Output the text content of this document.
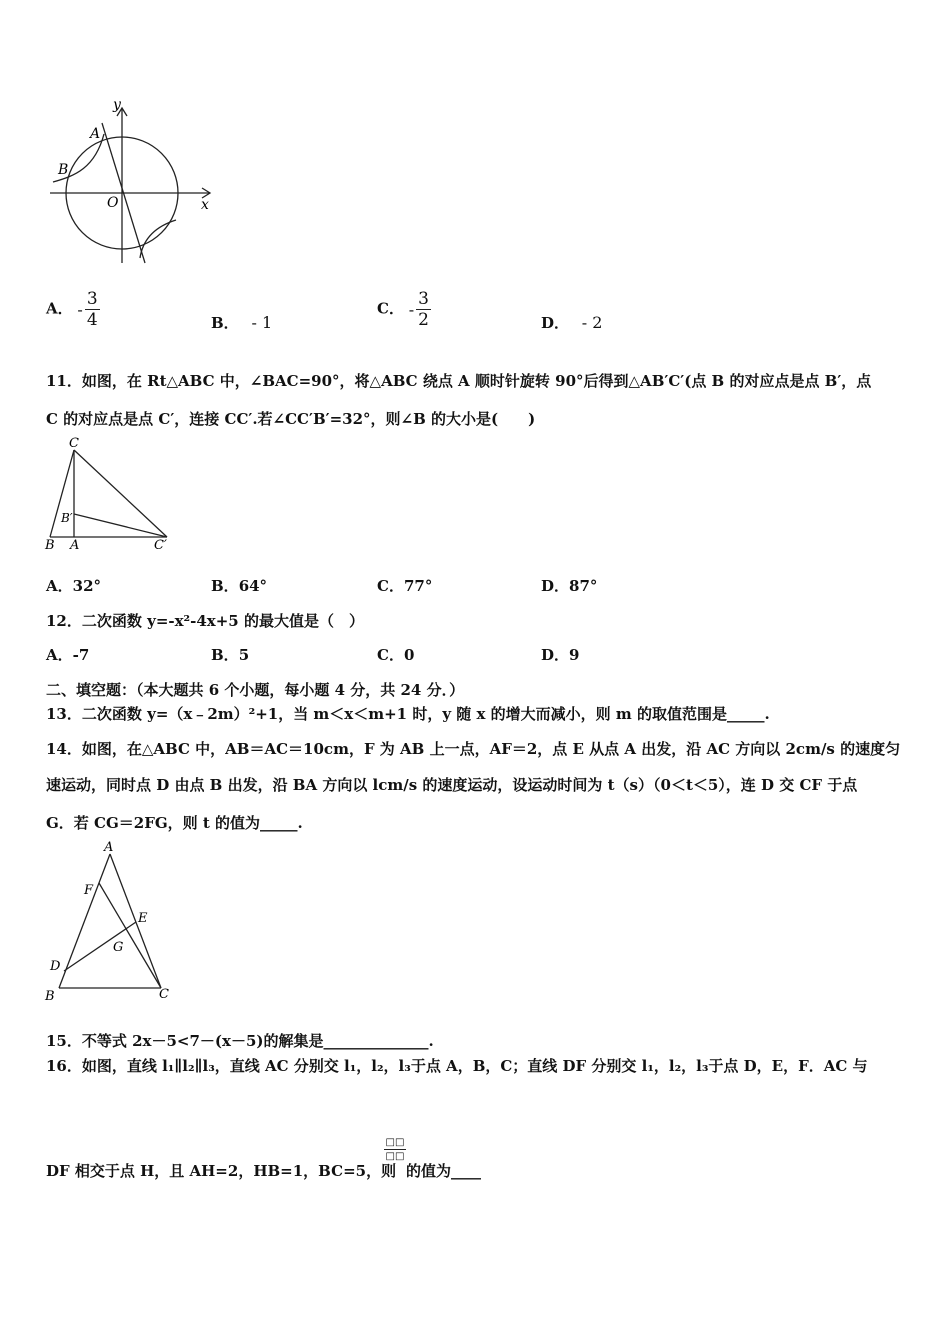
y
x
O
A
B
A． - $\frac{3}{4}$	B． - 1
C． - $\frac{3}{2}$	D． - 2
11．如图，在 Rt△ABC 中，∠BAC=90°，将△ABC 绕点 A 顺时针旋转 90°后得到△AB′C′(点 B 的对应点是点 B′，点
C 的对应点是点 C′，连接 CC′.若∠CC′B′=32°，则∠B 的大小是(　　)
C
B′
B A	C′
A．32°	B．64°	C．77°	D．87°
12．二次函数 y=-x²-4x+5 的最大值是（　）
A．-7	B．5	C．0	D．9
二、填空题：（本大题共 6 个小题，每小题 4 分，共 24 分．）
13．二次函数 y=（x﹣2m）²+1，当 m＜x＜m+1 时，y 随 x 的增大而减小，则 m 的取值范围是_____.
14．如图，在△ABC 中，AB＝AC＝10cm，F 为 AB 上一点，AF＝2，点 E 从点 A 出发，沿 AC 方向以 2cm/s 的速度匀
速运动，同时点 D 由点 B 出发，沿 BA 方向以 lcm/s 的速度运动，设运动时间为 t（s）（0＜t＜5），连 D 交 CF 于点
G．若 CG＝2FG，则 t 的值为_____.
A
F
E
G
D
B	C
15．不等式 2x－5<7－(x－5)的解集是______________.
16．如图，直线 l₁∥l₂∥l₃，直线 AC 分别交 l₁，l₂，l₃于点 A，B，C；直线 DF 分别交 l₁，l₂，l₃于点 D，E，F．AC 与
DF 相交于点 H，且 AH=2，HB=1，BC=5，则
□□
□□
的值为____
